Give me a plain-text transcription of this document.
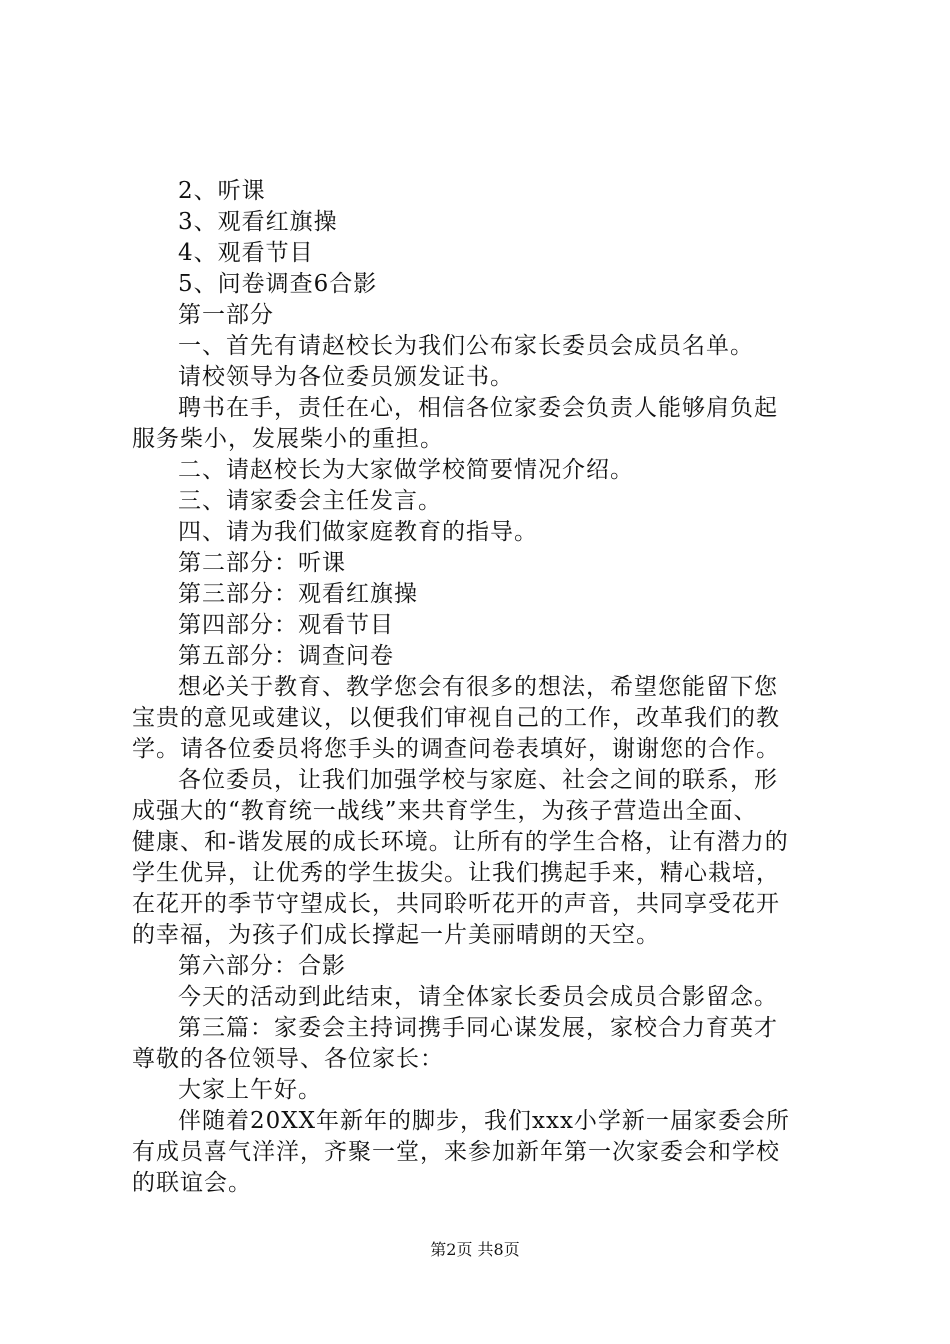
2、听课
3、观看红旗操
4、观看节目
5、问卷调查6合影
第一部分
一、首先有请赵校长为我们公布家长委员会成员名单。
请校领导为各位委员颁发证书。
聘书在手，责任在心，相信各位家委会负责人能够肩负起
服务柴小，发展柴小的重担。
二、请赵校长为大家做学校简要情况介绍。
三、请家委会主任发言。
四、请为我们做家庭教育的指导。
第二部分：听课
第三部分：观看红旗操
第四部分：观看节目
第五部分：调查问卷
想必关于教育、教学您会有很多的想法，希望您能留下您
宝贵的意见或建议，以便我们审视自己的工作，改革我们的教
学。请各位委员将您手头的调查问卷表填好，谢谢您的合作。
各位委员，让我们加强学校与家庭、社会之间的联系，形
成强大的“教育统一战线”来共育学生，为孩子营造出全面、
健康、和-谐发展的成长环境。让所有的学生合格，让有潜力的
学生优异，让优秀的学生拔尖。让我们携起手来，精心栽培，
在花开的季节守望成长，共同聆听花开的声音，共同享受花开
的幸福，为孩子们成长撑起一片美丽晴朗的天空。
第六部分：合影
今天的活动到此结束，请全体家长委员会成员合影留念。
第三篇：家委会主持词携手同心谋发展，家校合力育英才
尊敬的各位领导、各位家长：
大家上午好。
伴随着20XX年新年的脚步，我们xxx小学新一届家委会所
有成员喜气洋洋，齐聚一堂，来参加新年第一次家委会和学校
的联谊会。
第2页 共8页
